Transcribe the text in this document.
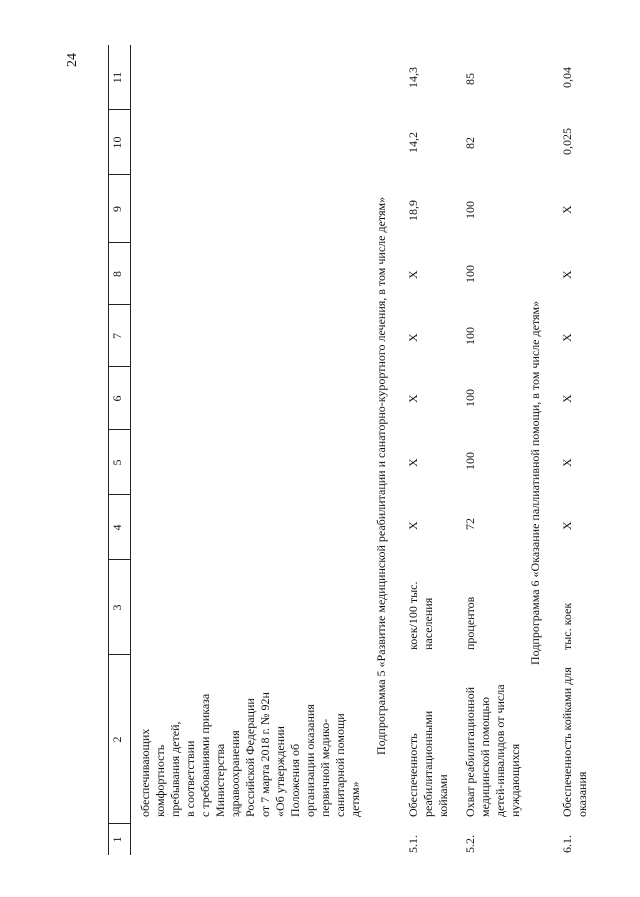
24
1
2
3
4
5
6
7
8
9
10
11
обеспечивающих комфортность пребывания детей, в соответствии с требованиями приказа Министерства здравоохранения Российской Федерации от 7 марта 2018 г. № 92н «Об утверждении Положения об организации оказания первичной медико- санитарной помощи детям»
Подпрограмма 5 «Развитие медицинской реабилитации и санаторно-курортного лечения, в том числе детям»
5.1.
Обеспеченность реабилитационными койками
коек/100 тыс. населения
X
X
X
X
X
18,9
14,2
14,3
5.2.
Охват реабилитационной медицинской помощью детей-инвалидов от числа нуждающихся
процентов
72
100
100
100
100
100
82
85
Подпрограмма 6 «Оказание паллиативной помощи, в том числе детям»
6.1.
Обеспеченность койками для оказания
тыс. коек
X
X
X
X
X
X
0,025
0,04
